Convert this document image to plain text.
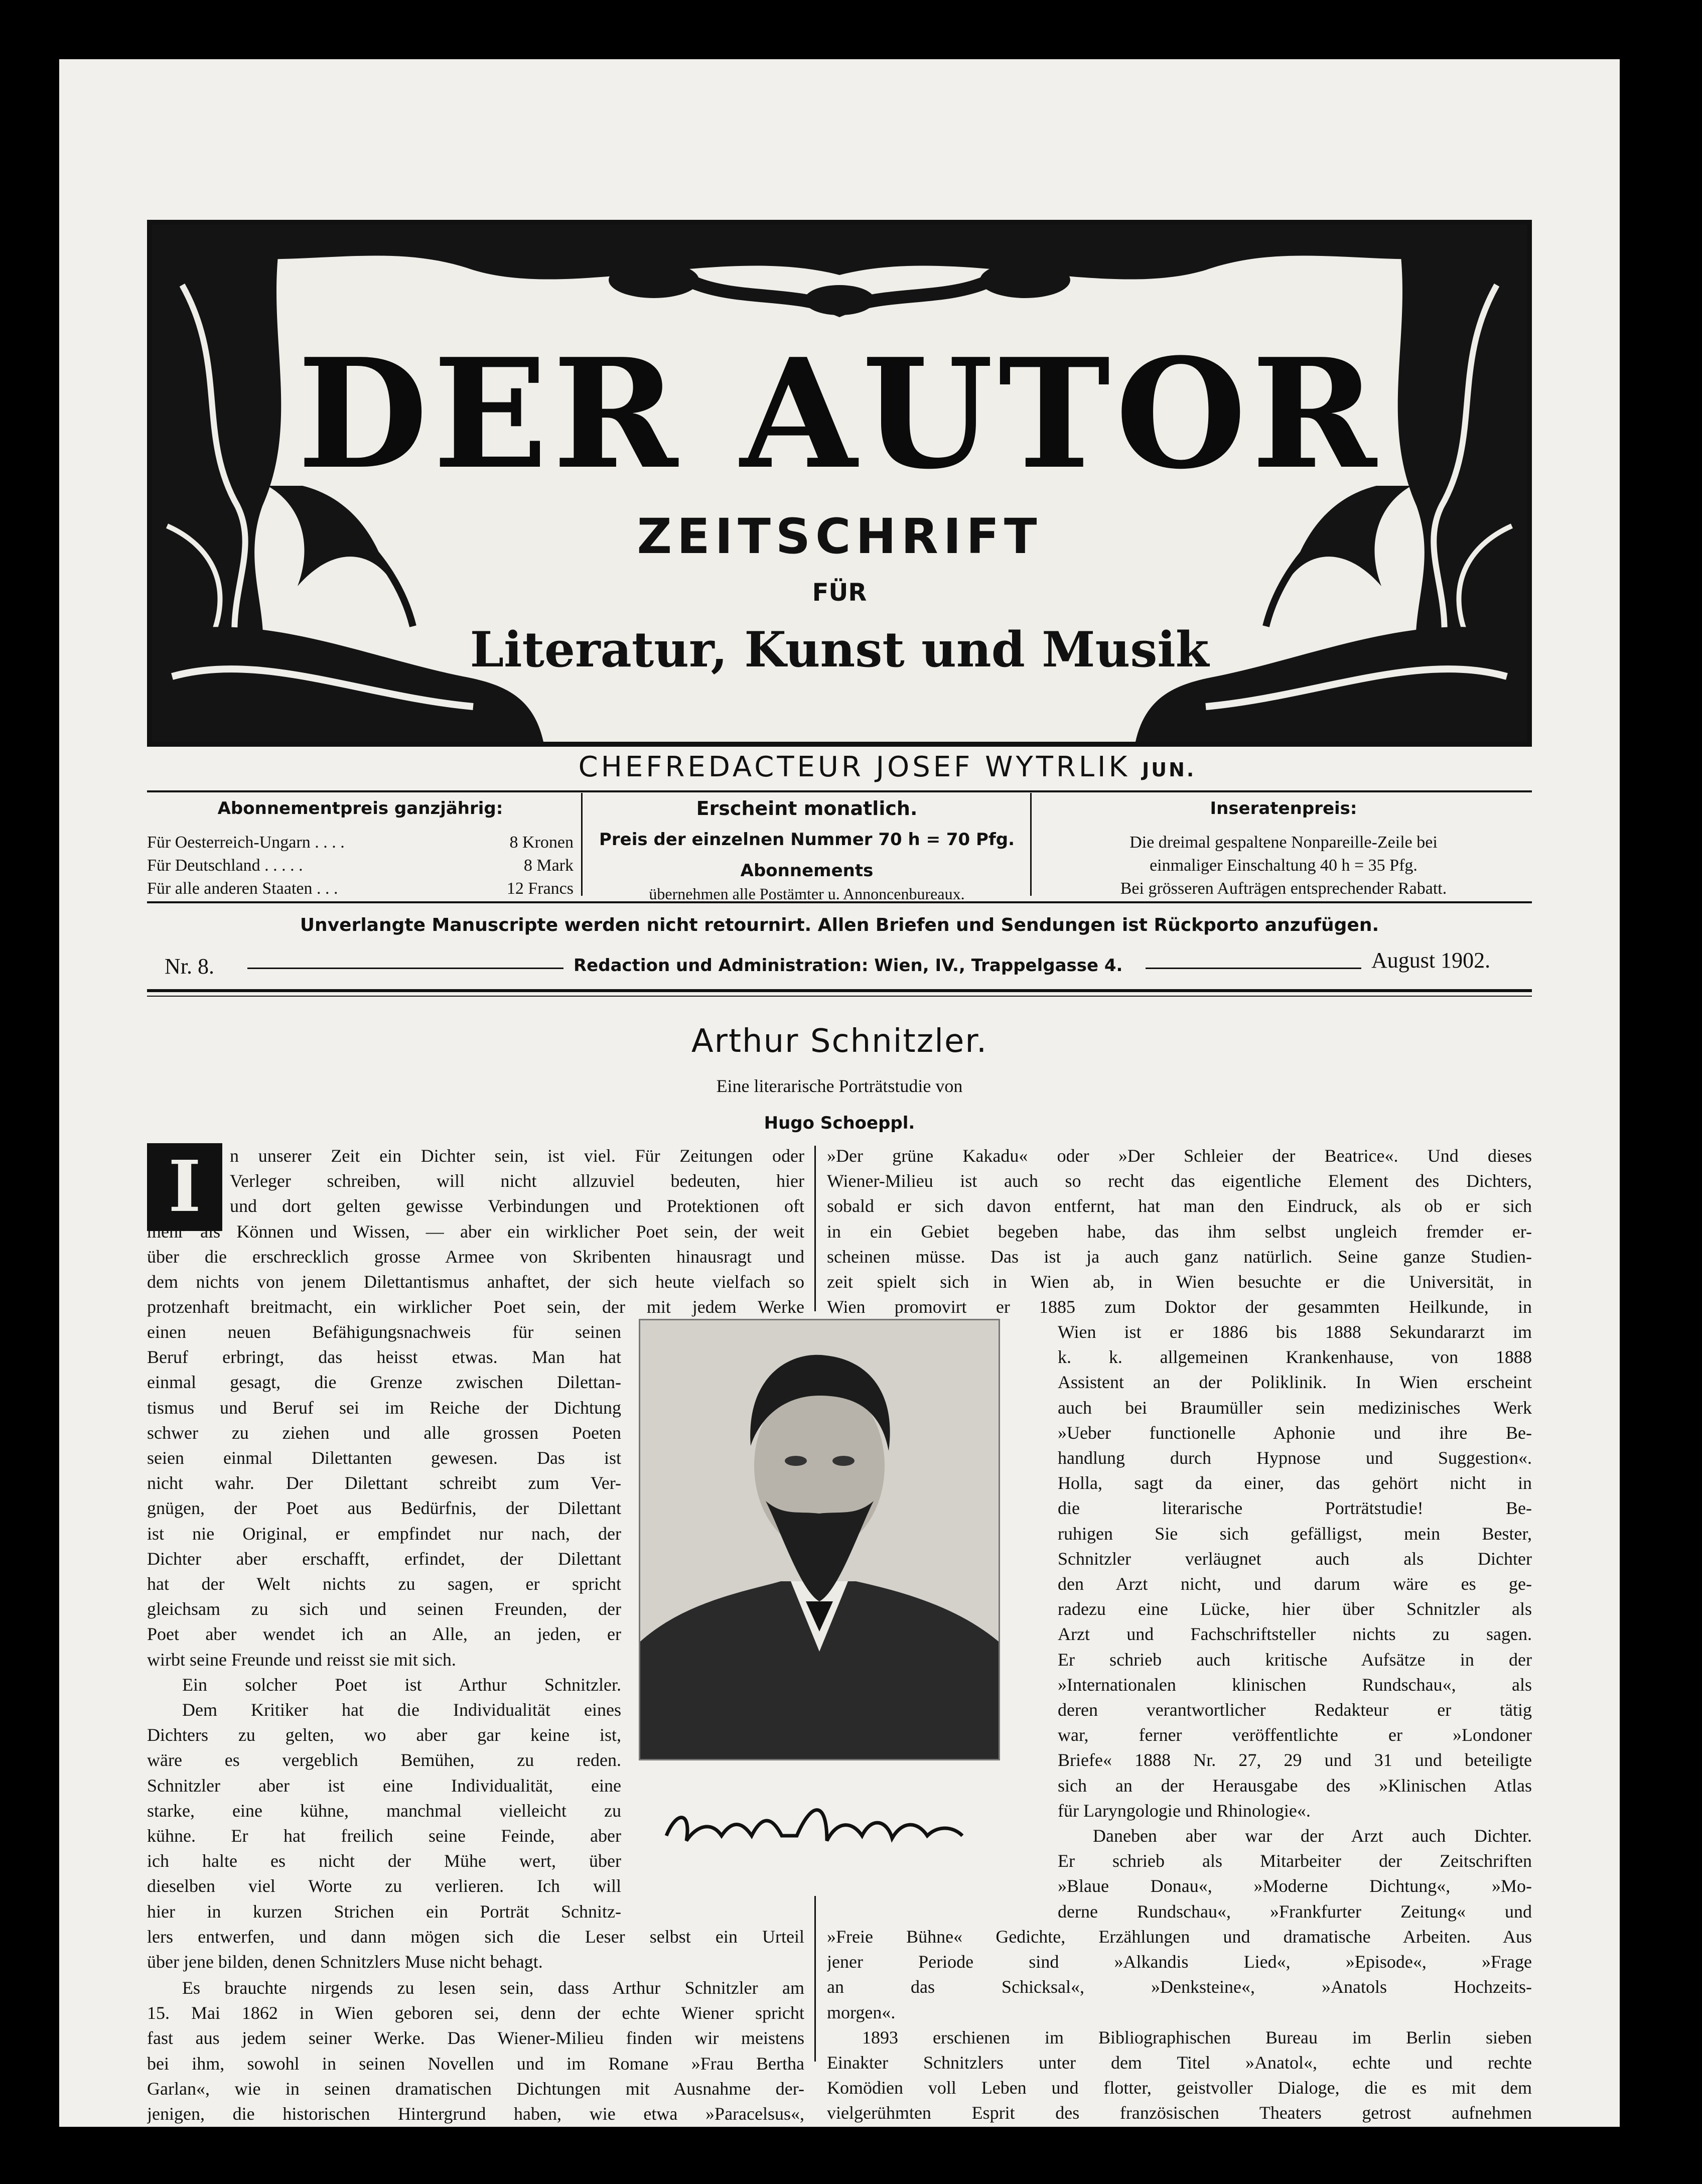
DER AUTOR
ZEITSCHRIFT
FÜR
Literatur, Kunst und Musik
CHEFREDACTEUR JOSEF WYTRLIK JUN.
Abonnementpreis ganzjährig:
Für Oesterreich-Ungarn . . . .	8 Kronen
Für Deutschland . . . . .	8 Mark
Für alle anderen Staaten . . .	12 Francs
Erscheint monatlich.
Preis der einzelnen Nummer 70 h = 70 Pfg.
Abonnements
übernehmen alle Postämter u. Annoncenbureaux.
Inseratenpreis:
Die dreimal gespaltene Nonpareille-Zeile bei
einmaliger Einschaltung 40 h = 35 Pfg.
Bei grösseren Aufträgen entsprechender Rabatt.
Unverlangte Manuscripte werden nicht retournirt. Allen Briefen und Sendungen ist Rückporto anzufügen.
Nr. 8.	Redaction und Administration: Wien, IV., Trappelgasse 4.	August 1902.
Arthur Schnitzler.
Eine literarische Porträtstudie von
Hugo Schoeppl.
I	n unserer Zeit ein Dichter sein, ist viel. Für Zeitungen oder
Verleger schreiben, will nicht allzuviel bedeuten, hier
und dort gelten gewisse Verbindungen und Protektionen oft
mehr als Können und Wissen, — aber ein wirklicher Poet sein, der weit
über die erschrecklich grosse Armee von Skribenten hinausragt und
dem nichts von jenem Dilettantismus anhaftet, der sich heute vielfach so
protzenhaft breitmacht, ein wirklicher Poet sein, der mit jedem Werke
einen neuen Befähigungsnachweis für seinen
Beruf erbringt, das heisst etwas. Man hat
einmal gesagt, die Grenze zwischen Dilettan-
tismus und Beruf sei im Reiche der Dichtung
schwer zu ziehen und alle grossen Poeten
seien einmal Dilettanten gewesen. Das ist
nicht wahr. Der Dilettant schreibt zum Ver-
gnügen, der Poet aus Bedürfnis, der Dilettant
ist nie Original, er empfindet nur nach, der
Dichter aber erschafft, erfindet, der Dilettant
hat der Welt nichts zu sagen, er spricht
gleichsam zu sich und seinen Freunden, der
Poet aber wendet ich an Alle, an jeden, er
wirbt seine Freunde und reisst sie mit sich.
Ein solcher Poet ist Arthur Schnitzler.
Dem Kritiker hat die Individualität eines
Dichters zu gelten, wo aber gar keine ist,
wäre es vergeblich Bemühen, zu reden.
Schnitzler aber ist eine Individualität, eine
starke, eine kühne, manchmal vielleicht zu
kühne. Er hat freilich seine Feinde, aber
ich halte es nicht der Mühe wert, über
dieselben viel Worte zu verlieren. Ich will
hier in kurzen Strichen ein Porträt Schnitz-
lers entwerfen, und dann mögen sich die Leser selbst ein Urteil
über jene bilden, denen Schnitzlers Muse nicht behagt.
Es brauchte nirgends zu lesen sein, dass Arthur Schnitzler am
15. Mai 1862 in Wien geboren sei, denn der echte Wiener spricht
fast aus jedem seiner Werke. Das Wiener-Milieu finden wir meistens
bei ihm, sowohl in seinen Novellen und im Romane »Frau Bertha
Garlan«, wie in seinen dramatischen Dichtungen mit Ausnahme der-
jenigen, die historischen Hintergrund haben, wie etwa »Paracelsus«,
Arthur Schnitzler
»Der grüne Kakadu« oder »Der Schleier der Beatrice«. Und dieses
Wiener-Milieu ist auch so recht das eigentliche Element des Dichters,
sobald er sich davon entfernt, hat man den Eindruck, als ob er sich
in ein Gebiet begeben habe, das ihm selbst ungleich fremder er-
scheinen müsse. Das ist ja auch ganz natürlich. Seine ganze Studien-
zeit spielt sich in Wien ab, in Wien besuchte er die Universität, in
Wien promovirt er 1885 zum Doktor der gesammten Heilkunde, in
Wien ist er 1886 bis 1888 Sekundararzt im
k. k. allgemeinen Krankenhause, von 1888
Assistent an der Poliklinik. In Wien erscheint
auch bei Braumüller sein medizinisches Werk
»Ueber functionelle Aphonie und ihre Be-
handlung durch Hypnose und Suggestion«.
Holla, sagt da einer, das gehört nicht in
die literarische Porträtstudie! Be-
ruhigen Sie sich gefälligst, mein Bester,
Schnitzler verläugnet auch als Dichter
den Arzt nicht, und darum wäre es ge-
radezu eine Lücke, hier über Schnitzler als
Arzt und Fachschriftsteller nichts zu sagen.
Er schrieb auch kritische Aufsätze in der
»Internationalen klinischen Rundschau«, als
deren verantwortlicher Redakteur er tätig
war, ferner veröffentlichte er »Londoner
Briefe« 1888 Nr. 27, 29 und 31 und beteiligte
sich an der Herausgabe des »Klinischen Atlas
für Laryngologie und Rhinologie«.
Daneben aber war der Arzt auch Dichter.
Er schrieb als Mitarbeiter der Zeitschriften
»Blaue Donau«, »Moderne Dichtung«, »Mo-
derne Rundschau«, »Frankfurter Zeitung« und
»Freie Bühne« Gedichte, Erzählungen und dramatische Arbeiten. Aus
jener Periode sind »Alkandis Lied«, »Episode«, »Frage
an das Schicksal«, »Denksteine«, »Anatols Hochzeits-
morgen«.
1893 erschienen im Bibliographischen Bureau im Berlin sieben
Einakter Schnitzlers unter dem Titel »Anatol«, echte und rechte
Komödien voll Leben und flotter, geistvoller Dialoge, die es mit dem
vielgerühmten Esprit des französischen Theaters getrost aufnehmen
